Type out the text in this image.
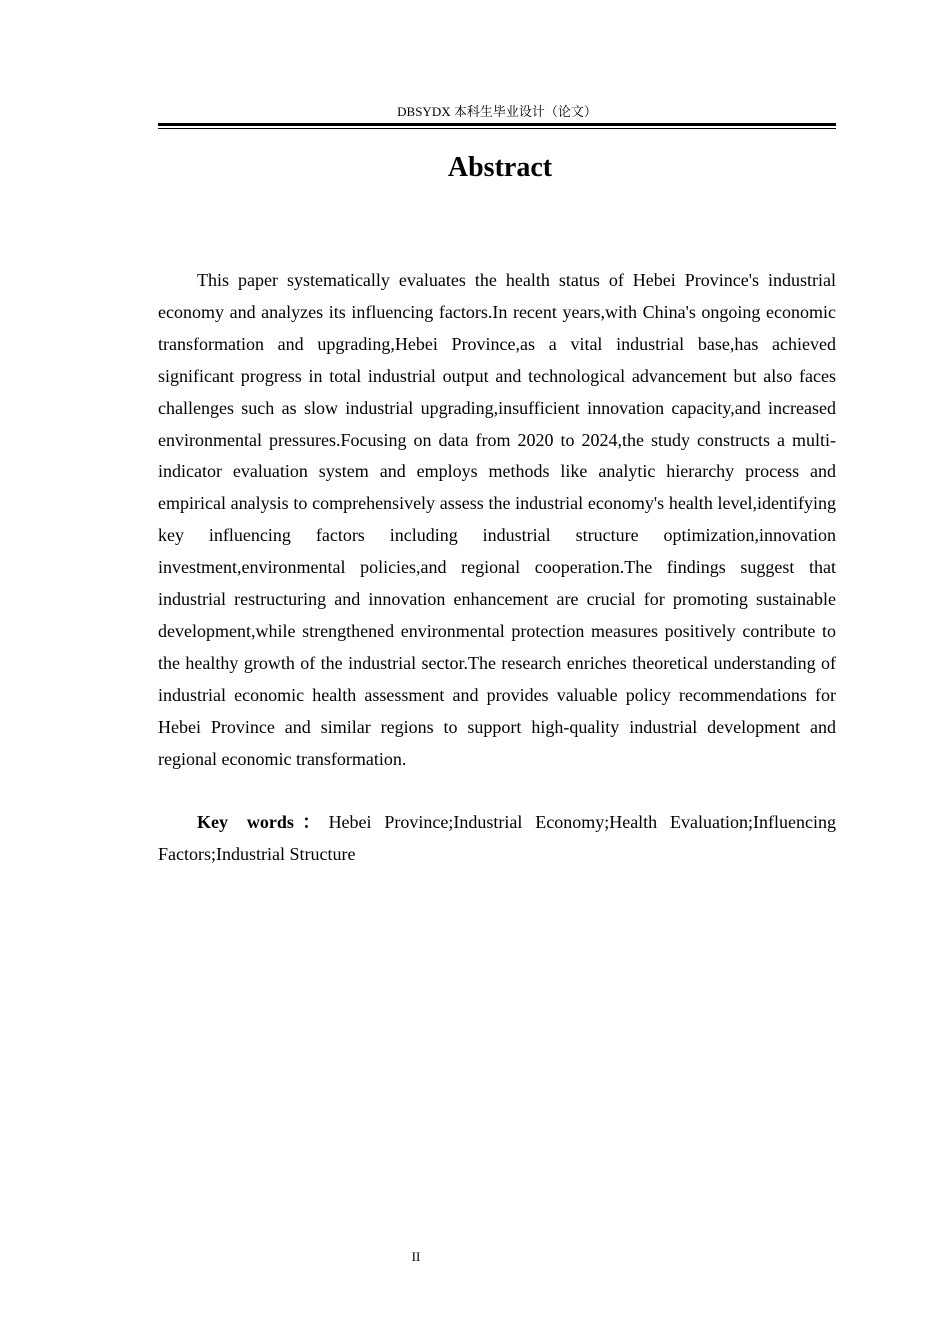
DBSYDX 本科生毕业设计（论文）
Abstract

This paper systematically evaluates the health status of Hebei Province's industrial economy and analyzes its influencing factors.In recent years,with China's ongoing economic transformation and upgrading,Hebei Province,as a vital industrial base,has achieved significant progress in total industrial output and technological advancement but also faces challenges such as slow industrial upgrading,insufficient innovation capacity,and increased environmental pressures.Focusing on data from 2020 to 2024,the study constructs a multi-indicator evaluation system and employs methods like analytic hierarchy process and empirical analysis to comprehensively assess the industrial economy's health level,identifying key influencing factors including industrial structure optimization,innovation investment,environmental policies,and regional cooperation.The findings suggest that industrial restructuring and innovation enhancement are crucial for promoting sustainable development,while strengthened environmental protection measures positively contribute to the healthy growth of the industrial sector.The research enriches theoretical understanding of industrial economic health assessment and provides valuable policy recommendations for Hebei Province and similar regions to support high-quality industrial development and regional economic transformation.

Key words：Hebei Province;Industrial Economy;Health Evaluation;Influencing Factors;Industrial Structure

II
